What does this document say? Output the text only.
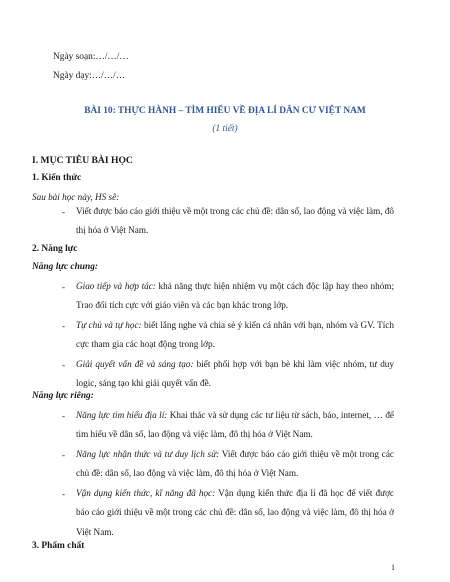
Ngày soạn:…/…/…
Ngày dạy:…/…/…
BÀI 10: THỰC HÀNH – TÌM HIỂU VỀ ĐỊA LÍ DÂN CƯ VIỆT NAM
(1 tiết)
I. MỤC TIÊU BÀI HỌC
1. Kiến thức
Sau bài học này, HS sẽ:
- Viết được báo cáo giới thiệu về một trong các chủ đề: dân số, lao động và việc làm, đô thị hóa ở Việt Nam.
2. Năng lực
Năng lực chung:
- Giao tiếp và hợp tác: khả năng thực hiện nhiệm vụ một cách độc lập hay theo nhóm; Trao đổi tích cực với giáo viên và các bạn khác trong lớp.
- Tự chủ và tự học: biết lắng nghe và chia sẻ ý kiến cá nhân với bạn, nhóm và GV. Tích cực tham gia các hoạt động trong lớp.
- Giải quyết vấn đề và sáng tạo: biết phối hợp với bạn bè khi làm việc nhóm, tư duy logic, sáng tạo khi giải quyết vấn đề.
Năng lực riêng:
- Năng lực tìm hiểu địa lí: Khai thác và sử dụng các tư liệu từ sách, báo, internet, … để tìm hiểu về dân số, lao động và việc làm, đô thị hóa ở Việt Nam.
- Năng lực nhận thức và tư duy lịch sử: Viết được báo cáo giới thiệu về một trong các chủ đề: dân số, lao động và việc làm, đô thị hóa ở Việt Nam.
- Vận dụng kiến thức, kĩ năng đã học: Vận dụng kiến thức địa lí đã học để viết được báo cáo giới thiệu về một trong các chủ đề: dân số, lao động và việc làm, đô thị hóa ở Việt Nam.
3. Phẩm chất
1
